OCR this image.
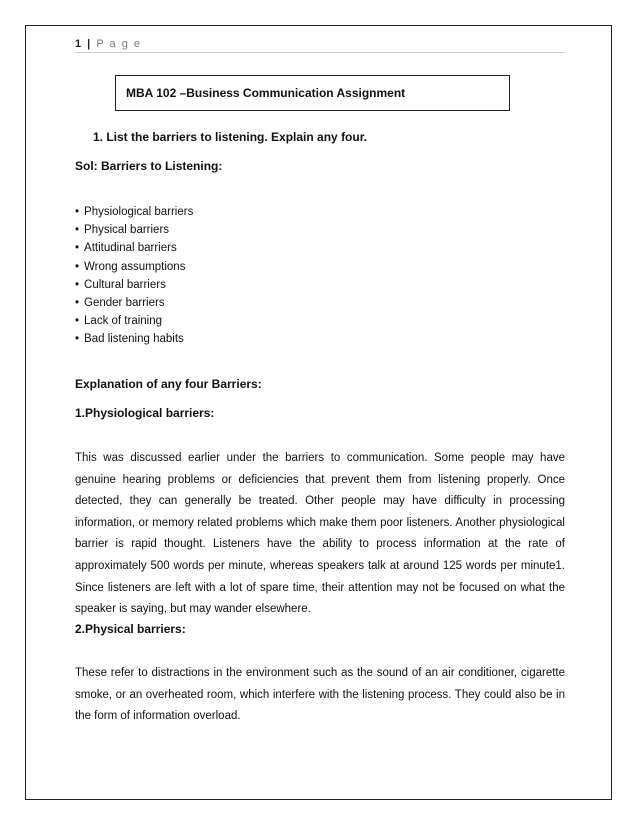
1 | P a g e
MBA 102 –Business Communication Assignment
1. List the barriers to listening. Explain any four.
Sol: Barriers to Listening:
• Physiological barriers
• Physical barriers
• Attitudinal barriers
• Wrong assumptions
• Cultural barriers
• Gender barriers
• Lack of training
• Bad listening habits
Explanation of any four Barriers:
1.Physiological barriers:

This was discussed earlier under the barriers to communication. Some people may have genuine hearing problems or deficiencies that prevent them from listening properly. Once detected, they can generally be treated. Other people may have difficulty in processing information, or memory related problems which make them poor listeners. Another physiological barrier is rapid thought. Listeners have the ability to process information at the rate of approximately 500 words per minute, whereas speakers talk at around 125 words per minute1. Since listeners are left with a lot of spare time, their attention may not be focused on what the speaker is saying, but may wander elsewhere.

2.Physical barriers:

These refer to distractions in the environment such as the sound of an air conditioner, cigarette smoke, or an overheated room, which interfere with the listening process. They could also be in the form of information overload.
